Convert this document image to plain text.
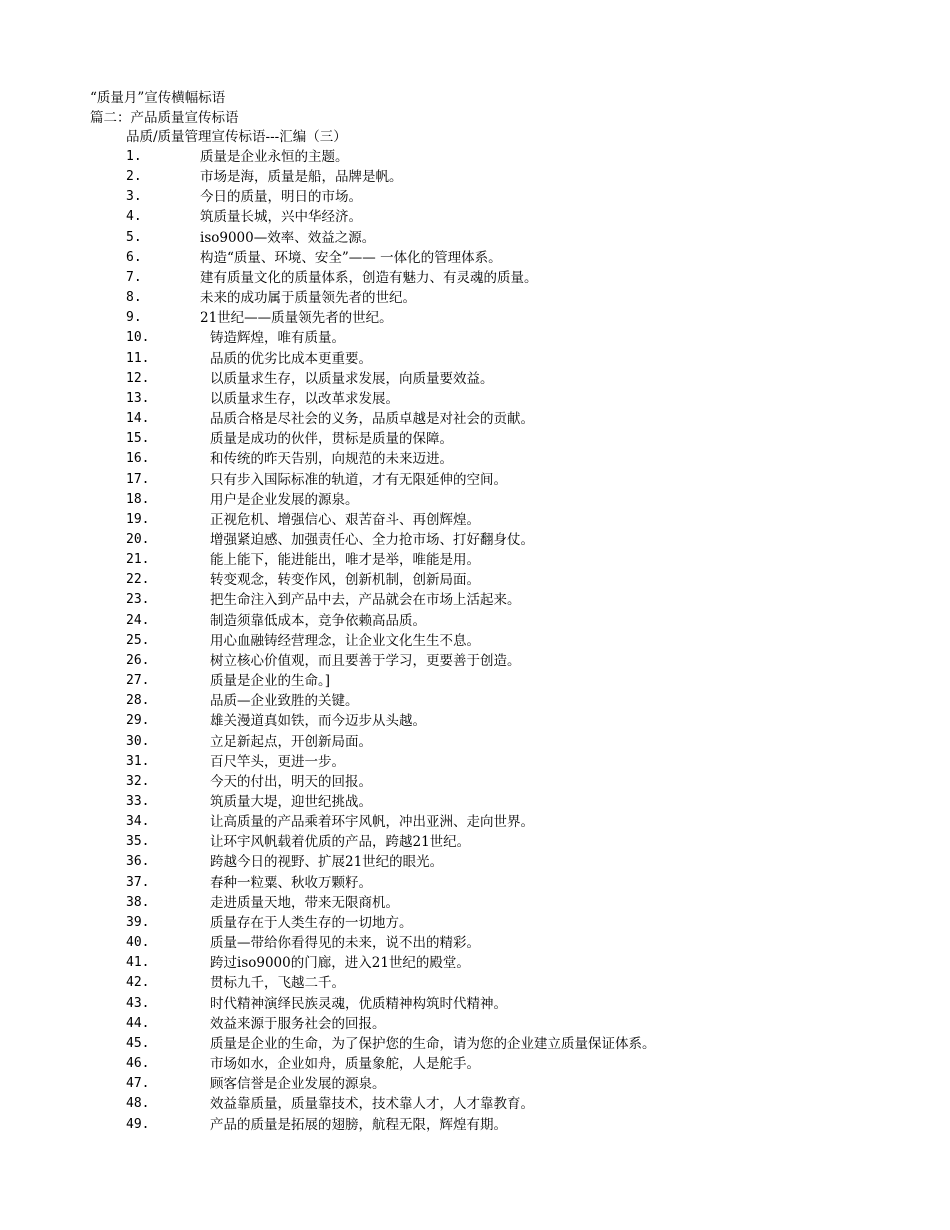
“质量月”宣传横幅标语
篇二：产品质量宣传标语
品质/质量管理宣传标语---汇编（三）
1.	质量是企业永恒的主题。
2.	市场是海，质量是船，品牌是帆。
3.	今日的质量，明日的市场。
4.	筑质量长城，兴中华经济。
5.	iso9000—效率、效益之源。
6.	构造“质量、环境、安全”—— 一体化的管理体系。
7.	建有质量文化的质量体系，创造有魅力、有灵魂的质量。
8.	未来的成功属于质量领先者的世纪。
9.	21世纪——质量领先者的世纪。
10.	铸造辉煌，唯有质量。
11.	品质的优劣比成本更重要。
12.	以质量求生存，以质量求发展，向质量要效益。
13.	以质量求生存，以改革求发展。
14.	品质合格是尽社会的义务，品质卓越是对社会的贡献。
15.	质量是成功的伙伴，贯标是质量的保障。
16.	和传统的昨天告别，向规范的未来迈进。
17.	只有步入国际标准的轨道，才有无限延伸的空间。
18.	用户是企业发展的源泉。
19.	正视危机、增强信心、艰苦奋斗、再创辉煌。
20.	增强紧迫感、加强责任心、全力抢市场、打好翻身仗。
21.	能上能下，能进能出，唯才是举，唯能是用。
22.	转变观念，转变作风，创新机制，创新局面。
23.	把生命注入到产品中去，产品就会在市场上活起来。
24.	制造须靠低成本，竞争依赖高品质。
25.	用心血融铸经营理念，让企业文化生生不息。
26.	树立核心价值观，而且要善于学习，更要善于创造。
27.	质量是企业的生命。]
28.	品质—企业致胜的关键。
29.	雄关漫道真如铁，而今迈步从头越。
30.	立足新起点，开创新局面。
31.	百尺竿头，更进一步。
32.	今天的付出，明天的回报。
33.	筑质量大堤，迎世纪挑战。
34.	让高质量的产品乘着环宇风帆，冲出亚洲、走向世界。
35.	让环宇风帆载着优质的产品，跨越21世纪。
36.	跨越今日的视野、扩展21世纪的眼光。
37.	春种一粒粟、秋收万颗籽。
38.	走进质量天地，带来无限商机。
39.	质量存在于人类生存的一切地方。
40.	质量—带给你看得见的未来，说不出的精彩。
41.	跨过iso9000的门廊，进入21世纪的殿堂。
42.	贯标九千，飞越二千。
43.	时代精神演绎民族灵魂，优质精神构筑时代精神。
44.	效益来源于服务社会的回报。
45.	质量是企业的生命，为了保护您的生命，请为您的企业建立质量保证体系。
46.	市场如水，企业如舟，质量象舵，人是舵手。
47.	顾客信誉是企业发展的源泉。
48.	效益靠质量，质量靠技术，技术靠人才，人才靠教育。
49.	产品的质量是拓展的翅膀，航程无限，辉煌有期。
